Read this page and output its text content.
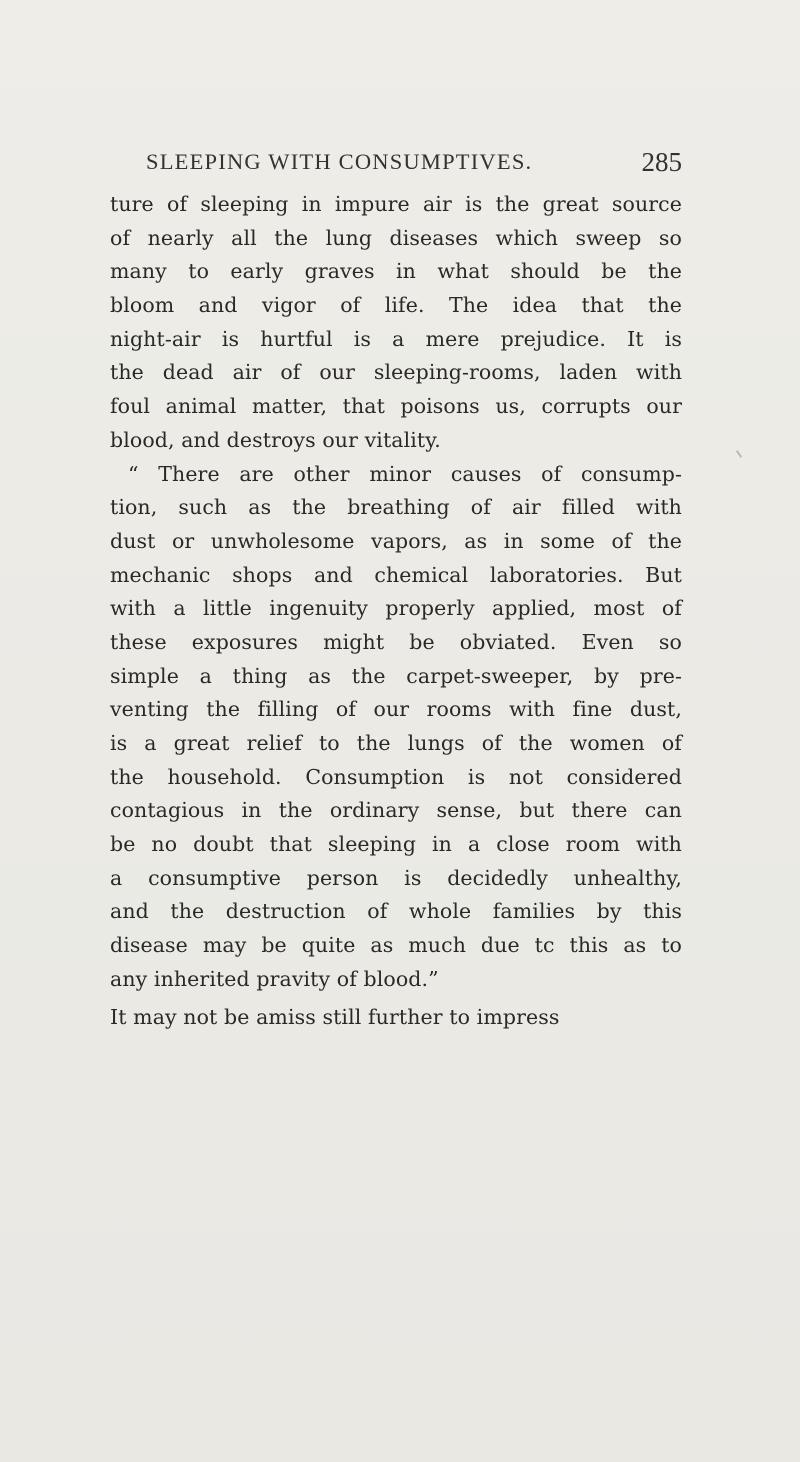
SLEEPING WITH CONSUMPTIVES.	285
ture of sleeping in impure air is the great source
of nearly all the lung diseases which sweep so
many to early graves in what should be the
bloom and vigor of life. The idea that the
night-air is hurtful is a mere prejudice. It is
the dead air of our sleeping-rooms, laden with
foul animal matter, that poisons us, corrupts our
blood, and destroys our vitality.
“ There are other minor causes of consump-
tion, such as the breathing of air filled with
dust or unwholesome vapors, as in some of the
mechanic shops and chemical laboratories. But
with a little ingenuity properly applied, most of
these exposures might be obviated. Even so
simple a thing as the carpet-sweeper, by pre-
venting the filling of our rooms with fine dust,
is a great relief to the lungs of the women of
the household. Consumption is not considered
contagious in the ordinary sense, but there can
be no doubt that sleeping in a close room with
a consumptive person is decidedly unhealthy,
and the destruction of whole families by this
disease may be quite as much due tc this as to
any inherited pravity of blood.”
It may not be amiss still further to impress
